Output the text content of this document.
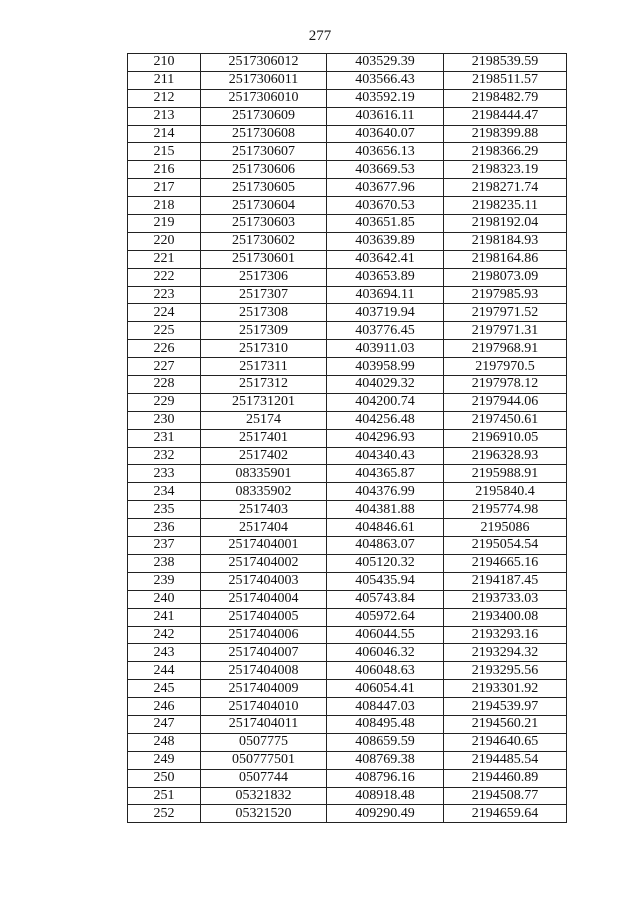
277
210	2517306012	403529.39	2198539.59
211	2517306011	403566.43	2198511.57
212	2517306010	403592.19	2198482.79
213	251730609	403616.11	2198444.47
214	251730608	403640.07	2198399.88
215	251730607	403656.13	2198366.29
216	251730606	403669.53	2198323.19
217	251730605	403677.96	2198271.74
218	251730604	403670.53	2198235.11
219	251730603	403651.85	2198192.04
220	251730602	403639.89	2198184.93
221	251730601	403642.41	2198164.86
222	2517306	403653.89	2198073.09
223	2517307	403694.11	2197985.93
224	2517308	403719.94	2197971.52
225	2517309	403776.45	2197971.31
226	2517310	403911.03	2197968.91
227	2517311	403958.99	2197970.5
228	2517312	404029.32	2197978.12
229	251731201	404200.74	2197944.06
230	25174	404256.48	2197450.61
231	2517401	404296.93	2196910.05
232	2517402	404340.43	2196328.93
233	08335901	404365.87	2195988.91
234	08335902	404376.99	2195840.4
235	2517403	404381.88	2195774.98
236	2517404	404846.61	2195086
237	2517404001	404863.07	2195054.54
238	2517404002	405120.32	2194665.16
239	2517404003	405435.94	2194187.45
240	2517404004	405743.84	2193733.03
241	2517404005	405972.64	2193400.08
242	2517404006	406044.55	2193293.16
243	2517404007	406046.32	2193294.32
244	2517404008	406048.63	2193295.56
245	2517404009	406054.41	2193301.92
246	2517404010	408447.03	2194539.97
247	2517404011	408495.48	2194560.21
248	0507775	408659.59	2194640.65
249	050777501	408769.38	2194485.54
250	0507744	408796.16	2194460.89
251	05321832	408918.48	2194508.77
252	05321520	409290.49	2194659.64
